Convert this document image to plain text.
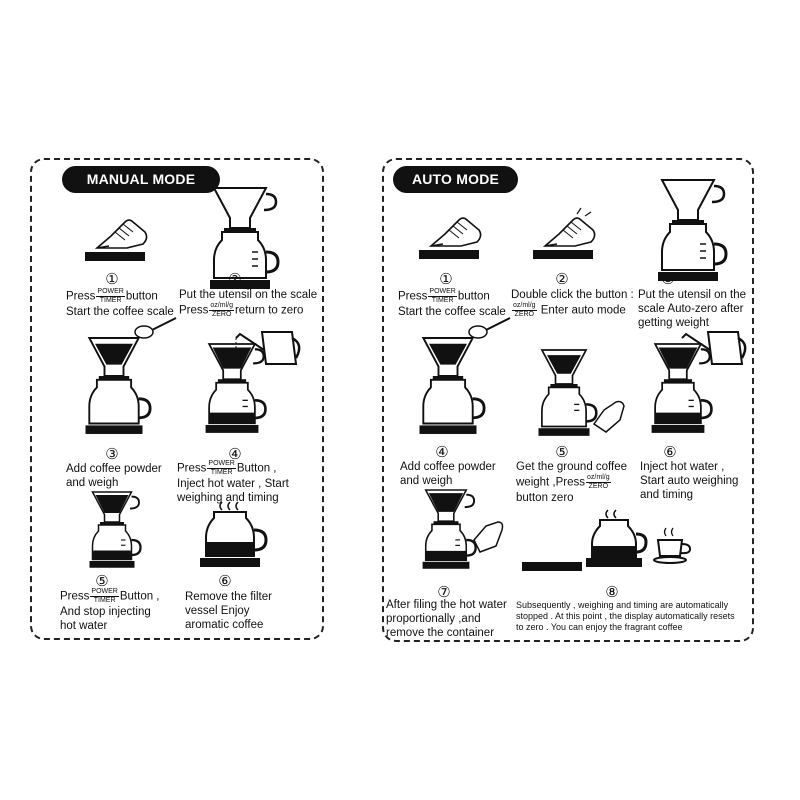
MANUAL MODE
①
Press $\frac{\text{POWER}}{\text{TIMER}}$ button
Start the coffee scale
②
Put the utensil on the scale
Press $\frac{oz/ml/g}{\text{ZERO}}$ return to zero
③
Add coffee powder
and weigh
④
Press $\frac{\text{POWER}}{\text{TIMER}}$ Button ,
Inject hot water , Start
weighing and timing
⑤
Press $\frac{\text{POWER}}{\text{TIMER}}$ Button ,
And stop injecting
hot water
⑥
Remove the filter
vessel Enjoy
aromatic coffee
AUTO MODE
①
Press $\frac{\text{POWER}}{\text{TIMER}}$ button
Start the coffee scale
②
Double click the button :
$\frac{oz/ml/g}{\text{ZERO}}$ Enter auto mode
③
Put the utensil on the
scale Auto-zero after
getting weight
④
Add coffee powder
and weigh
⑤
Get the ground coffee
weight ,Press $\frac{oz/ml/g}{\text{ZERO}}$
button zero
⑥
Inject hot water ,
Start auto weighing
and timing
⑦
After filing the hot water
proportionally ,and
remove the container
⑧
Subsequently , weighing and timing are automatically
stopped . At this point , the display automatically resets
to zero . You can enjoy the fragrant coffee
